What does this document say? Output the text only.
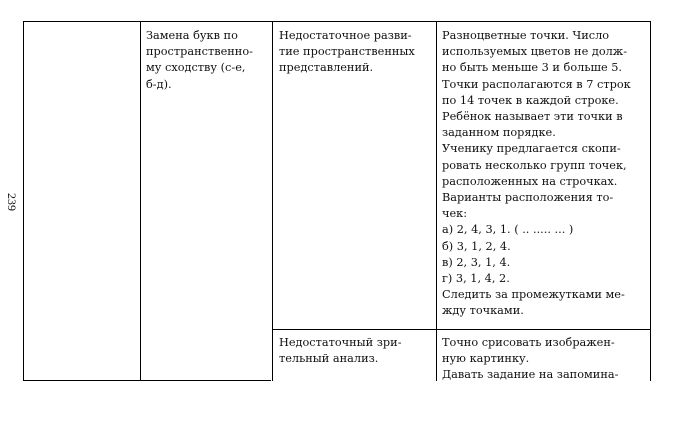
239
Замена букв по
пространственно-
му сходству (с-е,
б-д).
Недостаточное разви-
тие пространственных
представлений.
Разноцветные точки. Число
используемых цветов не долж-
но быть меньше 3 и больше 5.
Точки располагаются в 7 строк
по 14 точек в каждой строке.
Ребёнок называет эти точки в
заданном порядке.
Ученику предлагается скопи-
ровать несколько групп точек,
расположенных на строчках.
Варианты расположения то-
чек:
а) 2, 4, 3, 1. ( .. ..... ... )
б) 3, 1, 2, 4.
в) 2, 3, 1, 4.
г) 3, 1, 4, 2.
Следить за промежутками ме-
жду точками.
Недостаточный зри-
тельный анализ.
Точно срисовать изображен-
ную картинку.
Давать задание на запомина-
